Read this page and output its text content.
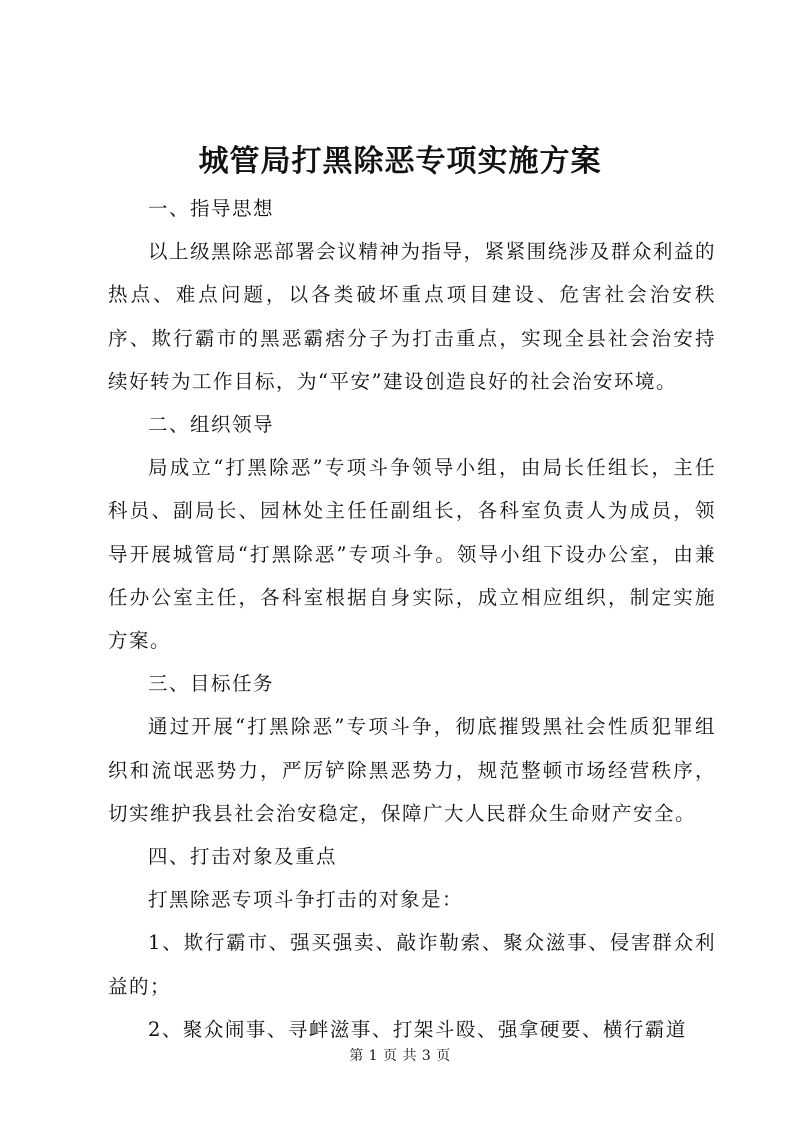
城管局打黑除恶专项实施方案

一、指导思想

以上级黑除恶部署会议精神为指导，紧紧围绕涉及群众利益的热点、难点问题，以各类破坏重点项目建设、危害社会治安秩序、欺行霸市的黑恶霸痞分子为打击重点，实现全县社会治安持续好转为工作目标，为“平安”建设创造良好的社会治安环境。

二、组织领导

局成立“打黑除恶”专项斗争领导小组，由局长任组长，主任科员、副局长、园林处主任任副组长，各科室负责人为成员，领导开展城管局“打黑除恶”专项斗争。领导小组下设办公室，由兼任办公室主任，各科室根据自身实际，成立相应组织，制定实施方案。

三、目标任务

通过开展“打黑除恶”专项斗争，彻底摧毁黑社会性质犯罪组织和流氓恶势力，严厉铲除黑恶势力，规范整顿市场经营秩序，切实维护我县社会治安稳定，保障广大人民群众生命财产安全。

四、打击对象及重点

打黑除恶专项斗争打击的对象是：

1、欺行霸市、强买强卖、敲诈勒索、聚众滋事、侵害群众利益的；

2、聚众闹事、寻衅滋事、打架斗殴、强拿硬要、横行霸道

第 1 页 共 3 页
